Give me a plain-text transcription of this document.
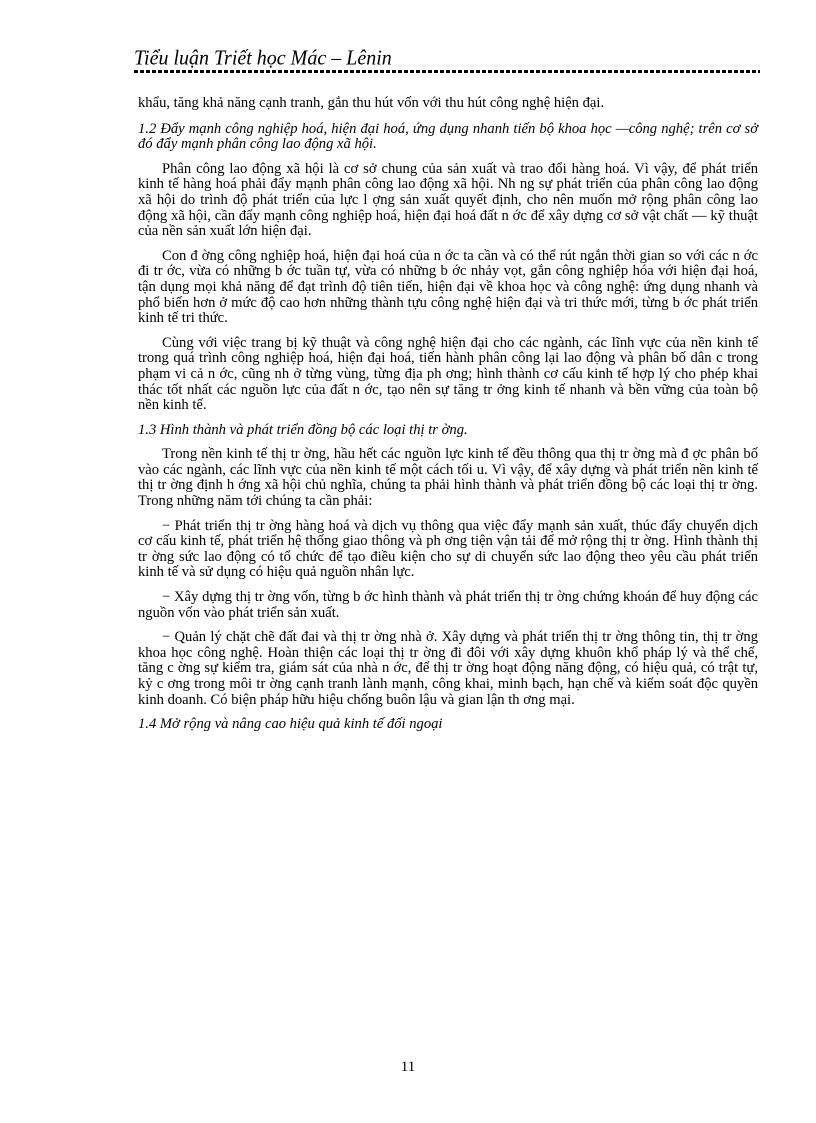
Tiểu luận Triết học Mác – Lênin

khẩu, tăng khả năng cạnh tranh, gắn thu hút vốn với thu hút công nghệ hiện đại.

1.2 Đẩy mạnh công nghiệp hoá, hiện đại hoá, ứng dụng nhanh tiến bộ khoa học —công nghệ; trên cơ sở đó đẩy mạnh phân công lao động xã hội.

Phân công lao động xã hội là cơ sở chung của sản xuất và trao đổi hàng hoá. Vì vậy, để phát triển kinh tế hàng hoá phải đẩy mạnh phân công lao động xã hội. Nh ng sự phát triển của phân công lao động xã hội do trình độ phát triển của lực l ợng sản xuất quyết định, cho nên muốn mở rộng phân công lao động xã hội, cần đẩy mạnh công nghiệp hoá, hiện đại hoá đất n ớc để xây dựng cơ sở vật chất — kỹ thuật của nền sản xuất lớn hiện đại.

Con đ ờng công nghiệp hoá, hiện đại hoá của n ớc ta cần và có thể rút ngắn thời gian so với các n ớc đi tr ớc, vừa có những b ớc tuần tự, vừa có những b ớc nhảy vọt, gắn công nghiệp hóa với hiện đại hoá, tận dụng mọi khả năng để đạt trình độ tiên tiến, hiện đại về khoa học và công nghệ: ứng dụng nhanh và phổ biến hơn ở mức độ cao hơn những thành tựu công nghệ hiện đại và tri thức mới, từng b ớc phát triển kinh tế tri thức.

Cùng với việc trang bị kỹ thuật và công nghệ hiện đại cho các ngành, các lĩnh vực của nền kinh tế trong quá trình công nghiệp hoá, hiện đại hoá, tiến hành phân công lại lao động và phân bố dân c trong phạm vi cả n ớc, cũng nh ở từng vùng, từng địa ph ơng; hình thành cơ cấu kinh tế hợp lý cho phép khai thác tốt nhất các nguồn lực của đất n ớc, tạo nên sự tăng tr ởng kinh tế nhanh và bền vững của toàn bộ nền kinh tế.

1.3 Hình thành và phát triển đồng bộ các loại thị tr ờng.

Trong nền kinh tế thị tr ờng, hầu hết các nguồn lực kinh tế đều thông qua thị tr ờng mà đ ợc phân bố vào các ngành, các lĩnh vực của nền kinh tế một cách tối u. Vì vậy, để xây dựng và phát triển nền kinh tế thị tr ờng định h ớng xã hội chủ nghĩa, chúng ta phải hình thành và phát triển đồng bộ các loại thị tr ờng. Trong những năm tới chúng ta cần phải:

− Phát triển thị tr ờng hàng hoá và dịch vụ thông qua việc đẩy mạnh sản xuất, thúc đẩy chuyển dịch cơ cấu kinh tế, phát triển hệ thống giao thông và ph ơng tiện vận tải để mở rộng thị tr ờng. Hình thành thị tr ờng sức lao động có tổ chức để tạo điều kiện cho sự di chuyển sức lao động theo yêu cầu phát triển kinh tế và sử dụng có hiệu quả nguồn nhân lực.

− Xây dựng thị tr ờng vốn, từng b ớc hình thành và phát triển thị tr ờng chứng khoán để huy động các nguồn vốn vào phát triển sản xuất.

− Quản lý chặt chẽ đất đai và thị tr ờng nhà ở. Xây dựng và phát triển thị tr ờng thông tin, thị tr ờng khoa học công nghệ. Hoàn thiện các loại thị tr ờng đi đôi với xây dựng khuôn khổ pháp lý và thể chế, tăng c ờng sự kiểm tra, giám sát của nhà n ớc, để thị tr ờng hoạt động năng động, có hiệu quả, có trật tự, kỷ c ơng trong môi tr ờng cạnh tranh lành mạnh, công khai, minh bạch, hạn chế và kiểm soát độc quyền kinh doanh. Có biện pháp hữu hiệu chống buôn lậu và gian lận th ơng mại.

1.4 Mở rộng và nâng cao hiệu quả kinh tế đối ngoại
11
